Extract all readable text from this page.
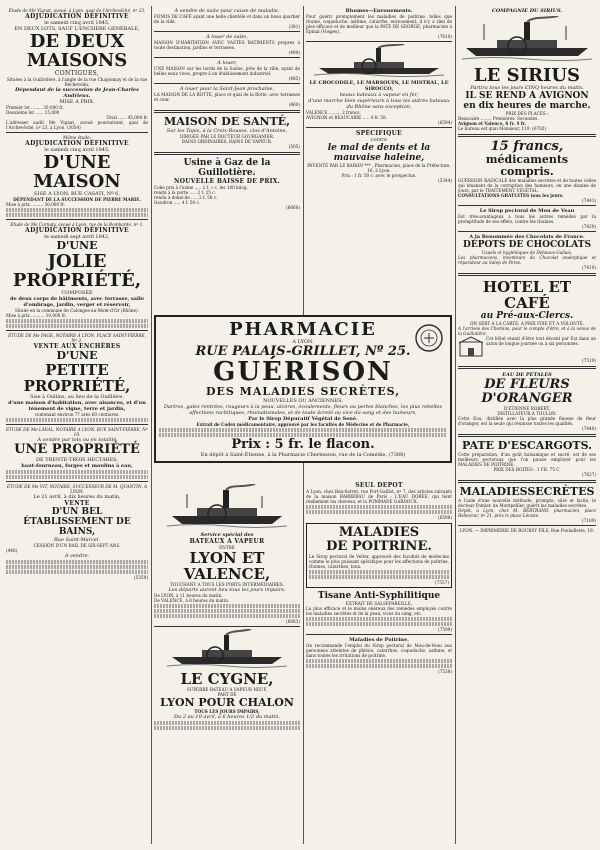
Étude de Me Vignat, avoué, à Lyon, quai de l'Archevêché, nº 23.
ADJUDICATION DÉFINITIVE
le samedi cinq avril 1845,
EN DEUX LOTS, SAUF L'ENCHÈRE GÉNÉRALE,
DE DEUX MAISONS
CONTIGUES,
Situées à la Guillotière, à l'angle de la rue Chaponnay et de la rue Béchevelin,
Dépendant de la succession de Jean-Charles Andrieux.
MISE A PRIX.
Premier lot ........ 30,000 fr.
Deuxième lot ...... 15,000
Total ...... 45,000 fr.
L'adresser audit Me Vignat, avoué poursuivant, quai de l'Archevêché, nº 23, à Lyon. (3054)
Même étude.
ADJUDICATION DÉFINITIVE
le samedi cinq avril 1845,
D'UNE MAISON
SISE A LYON, RUE CASATI, Nº 6,
DÉPENDANT DE LA SUCCESSION DE PIERRE MARIE.
Mise à prix ......... 30,000 fr.
Étude de Me Cornuty, avoué à Lyon, rue de la Bombarde, nº 1.
ADJUDICATION DÉFINITIVE
le samedi sept avril 1842,
D'UNE
JOLIE PROPRIÉTÉ,
COMPOSÉE
de deux corps de bâtiments, avec terrasse, salle d'ombrage, jardin, verger et réservoir,
Située en la commune de Calonges-au-Mont-d'Or (Rhône).
Mise à prix .......... 10,000 fr.
ÉTUDE DE Me PAGE, NOTAIRE À LYON, PLACE SAINT-PIERRE, Nº 2.
VENTE AUX ENCHÈRES
D'UNE
PETITE PROPRIÉTÉ,
Sise à Oullins, au lieu de la Guillière,
d'une maison d'habitation, avec aisances, et d'un tènement de vigne, terre et jardin,
contenant environ 77 ares 60 centiares.
ÉTUDE DE Me LAVAL, NOTAIRE A LYON, RUE SAINT-PIERRE, Nº 10.
A vendre par lots ou en totalité
UNE PROPRIÉTÉ
DE TRENTE-TROIS HECTARES,
haut-fourneau, forges et moulins à eau,
ÉTUDE DE Me VIT, NOTAIRE, SUCCESSEUR DE M. QUANTIN, A LYON.
Le 21 avril, à dix heures du matin,
VENTE
D'UN BEL ÉTABLISSEMENT DE BAINS,
Rue Saint-Marcel.
CESSION D'UN BAIL DE SIX-SEPT ANS.
(446)
A vendre.
(5359)
A vendre de suite pour cause de maladie.
FONDS DE CAFÉ ayant une belle clientèle et dans un beau quartier de la ville.
(381)
A louer de suite,
MAISON D'HABITATION AVEC VASTES BATIMENTS propres à toute destination, jardins et terrasses.
(499)
A louer,
UNE MAISON sur les bords de la Saône, près de la ville, ayant de belles eaux vives, propre à un établissement industriel.
(485)
A louer pour la Saint-Jean prochaine,
LA MAISON DE LA ROTTE, place et quai de la Rotte, avec terrasses et cour.
(460)
MAISON DE SANTÉ,
Sur les Tapis, à la Croix-Rousse, clos d'Antoine,
DIRIGÉE PAR LE DOCTEUR GOURGANIER.
BAINS ORDINAIRES, BAINS DE VAPEUR.
(505)
Usine à Gaz de la Guillotière.
NOUVELLE BAISSE DE PRIX.
Coke pris à l'usine ..... 2 f. » c. les 100 kilog.
rendu à la porte ..... 2 f. 25 c.
rendu à domicile ..... 2 f. 50 c.
Goudron ..... 4 f. 50 c.
(6668)
Rhumes—Enrouements.
Pour guérir promptement les maladies de poitrine, telles que rhume, coqueluche, asthme, catarrhe, enrouement, il n'y a rien de plus efficace et de meilleur que la PATE DE GEORGÉ, pharmacien à Épinal (Vosges).
(7610)
LE CROCODILE, LE MARSOUIN, LE MISTRAL, LE SIROCCO,
beaux bateaux à vapeur en fer,
d'une marche bien supérieure à tous les autres bateaux du Rhône sans exception.
VALENCE ......... 2 francs.
AVIGNON et BEAUCAIRE ..... 4 fr. 50.
(6594)
SPÉCIFIQUE
contre
le mal de dents et la mauvaise haleine,
INVENTÉ PAR LE BARON *** , Pharmacien, place de la Préfecture, 16, à Lyon.
Prix : 1 fr. 50 c. avec le prospectus.
(5344)
PHARMACIE
A LYON.
RUE PALAIS-GRILLET, Nº 25.
GUÉRISON
DES MALADIES SECRÈTES,
NOUVELLES OU ANCIENNES,
Dartres, gales rentrées, rougeurs à la peau, ulcères, écoulements, fleurs ou pertes blanches, les plus rebelles affections rachitiques, rhumatismales, et de toute âcreté ou vice du sang et des humeurs,
Par le Sirop Dépuratif Végétal de Sené.
Extrait de Codex médicamentaire, approuvé par les facultés de Médecine et de Pharmacie,
Prix : 5 fr. le flacon.
En dépôt à Saint-Étienne, à la Pharmacie Chermezon, rue de la Comédie. (7388)
Service spécial des
BATEAUX A VAPEUR
ENTRE
LYON ET VALENCE,
TOUCHANT A TOUS LES PORTS INTERMÉDIAIRES.
Les départs auront lieu tous les jours impairs,
De LYON, à 11 heures du matin,
De VALENCE, à 8 heures du matin.
(6083)
LE CYGNE,
SUPERBE BATEAU A VAPEUR NEUF,
PART DE
LYON POUR CHALON
TOUS LES JOURS IMPAIRS,
Du 2 au 10 avril, à 6 heures 1/2 du matin.
SEUL DÉPOT
A Lyon, chez Bon-Serret, rue Port-Gaillot, nº 7, des articles suivants de la maison BARRERAU de Paris : L'EAU DOREE, qui teint réellement les cheveux, et la POMMADE GARDOUX.
(6598)
MALADIES
DE POITRINE.
Le Sirop pectoral de Velter, approuvé des facultés de médecine comme le plus puissant spécifique pour les affections de poitrine, rhumes, catarrhes, toux.
(7557)
Tisane Anti-Syphilitique
EXTRAIT DE SALSEPAREILLE,
La plus efficace et le moins onéreux des remèdes employés contre les maladies secrètes et de la peau, vices du sang, etc.
(7599)
Maladies de Poitrine.
On recommande l'emploi du Sirop pectoral de Mou-de-Veau aux personnes atteintes de phtisie, catarrhes, coqueluche, asthme, et dans toutes les irritations de poitrine.
(7538)
COMPAGNIE DU SIRIUS.
LE SIRIUS
Partira tous les jours CINQ heures du matin.
IL SE REND A AVIGNON en dix heures de marche.
PRIX DES PLACES :
Beaucaire ........ Premières. Secondes.
Avignon et Valence, 6 fr. 4 fr.
Le bureau est quai Monsieur, 119. (6702)
15 francs,
médicaments compris.
GUÉRISON RADICALE des maladies secrètes et de toutes celles qui émanent de la corruption des humeurs, en une dizaine de jours, par le TRAITEMENT VÉGÉTAL.
CONSULTATIONS GRATUITES tous les jours.
(7441)
Le Sirop pectoral de Mou de Veau
Est très-avantageux à tous les autres remèdes par la promptitude de ses effets, contre les rhumes.
(7420)
A la Renommée des Chocolats de France.
DÉPOTS DE CHOCOLATS
Usuels et hygiéniques de Debauve-Gallais.
Les pharmaciens, inventeurs du Chocolat analeptique et réparateur au Salep de Perse.
(7410)
HOTEL ET CAFÉ
au Pré-aux-Clercs.
ON SERT A LA CARTE, A PRIX FIXE ET A VOLONTÉ.
A l'arrivée des Chemins, pour le compte d'être, et à la venue de la Guillotière.
Cet hôtel réunit d'être tout décent par Est dans un salon de longue journée ou à six personnes.
(7519)
EAU DE PÉTALES
DE FLEURS D'ORANGER
D'ÉTIENNE ROBERT,
DISTILLATEUR A TOULON.
Cette Eau, distillée avec la plus grande finesse de fleur d'oranger, est la seule qui réunisse toutes les qualités.
(7440)
PATE D'ESCARGOTS.
Cette préparation, d'un goût balsamique et sucré, est de ses meilleurs pectoraux que l'on puisse employer pour les MALADIES DE POITRINE.
PRIX DES BOITES : 1 FR. 75 C.
(7627)
MALADIESSECRÈTES
A l'aide d'une nouvelle méthode, prompte, sûre et facile, le docteur Pomier, de Montpellier, guérit les maladies secrètes.
Dépôt, à Lyon, chez M. BERTRAND, pharmacien, place Bellecour, nº 21, près le place Léviste.
(7189)
LYON. — IMPRIMERIE DE BOURSY FILS, Rue Poulaillerie, 19.
